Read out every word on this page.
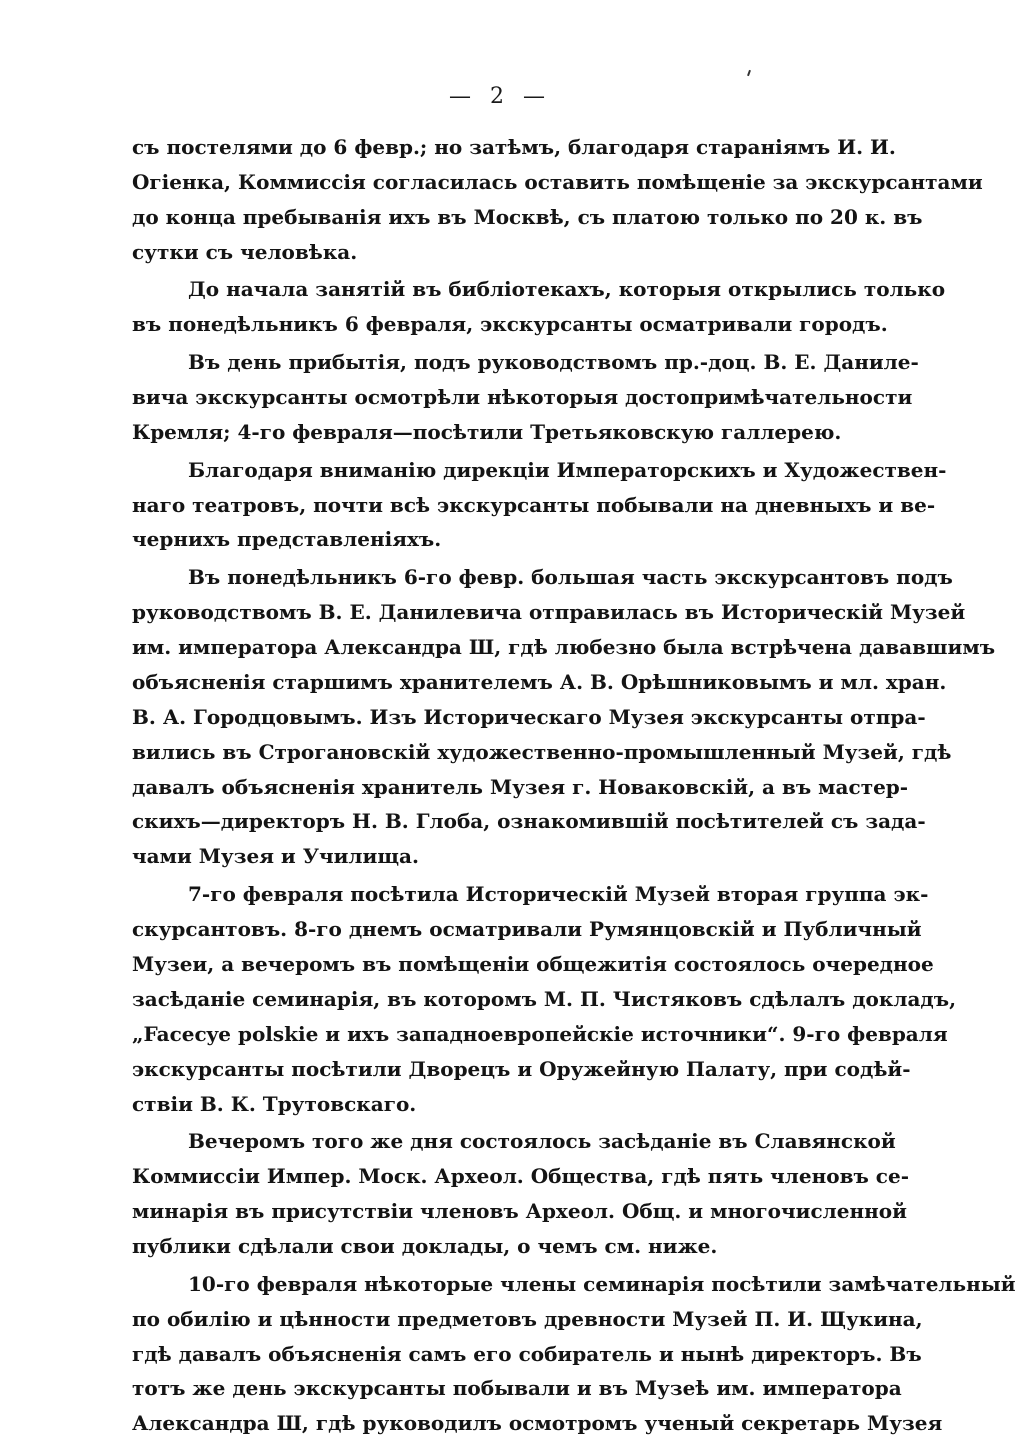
— 2 —
съ постелями до 6 февр.; но затѣмъ, благодаря стараніямъ И. И.
Огіенка, Коммиссія согласилась оставить помѣщеніе за экскурсантами
до конца пребыванія ихъ въ Москвѣ, съ платою только по 20 к. въ
сутки съ человѣка.
До начала занятій въ библіотекахъ, которыя открылись только
въ понедѣльникъ 6 февраля, экскурсанты осматривали городъ.
Въ день прибытія, подъ руководствомъ пр.-доц. В. Е. Даниле-
вича экскурсанты осмотрѣли нѣкоторыя достопримѣчательности
Кремля; 4-го февраля—посѣтили Третьяковскую галлерею.
Благодаря вниманію дирекціи Императорскихъ и Художествен-
наго театровъ, почти всѣ экскурсанты побывали на дневныхъ и ве-
чернихъ представленіяхъ.
Въ понедѣльникъ 6-го февр. большая часть экскурсантовъ подъ
руководствомъ В. Е. Данилевича отправилась въ Историческій Музей
им. императора Александра Ш, гдѣ любезно была встрѣчена дававшимъ
объясненія старшимъ хранителемъ А. В. Орѣшниковымъ и мл. хран.
В. А. Городцовымъ. Изъ Историческаго Музея экскурсанты отпра-
вились въ Строгановскій художественно-промышленный Музей, гдѣ
давалъ объясненія хранитель Музея г. Новаковскій, а въ мастер-
скихъ—директоръ Н. В. Глоба, ознакомившій посѣтителей съ зада-
чами Музея и Училища.
7-го февраля посѣтила Историческій Музей вторая группа эк-
скурсантовъ. 8-го днемъ осматривали Румянцовскій и Публичный
Музеи, а вечеромъ въ помѣщеніи общежитія состоялось очередное
засѣданіе семинарія, въ которомъ М. П. Чистяковъ сдѣлалъ докладъ,
„Facecye polskie и ихъ западноевропейскіе источники“. 9-го февраля
экскурсанты посѣтили Дворецъ и Оружейную Палату, при содѣй-
ствіи В. К. Трутовскаго.
Вечеромъ того же дня состоялось засѣданіе въ Славянской
Коммиссіи Импер. Моск. Археол. Общества, гдѣ пять членовъ се-
минарія въ присутствіи членовъ Археол. Общ. и многочисленной
публики сдѣлали свои доклады, о чемъ см. ниже.
10-го февраля нѣкоторые члены семинарія посѣтили замѣчательный
по обилію и цѣнности предметовъ древности Музей П. И. Щукина,
гдѣ давалъ объясненія самъ его собиратель и нынѣ директоръ. Въ
тотъ же день экскурсанты побывали и въ Музеѣ им. императора
Александра Ш, гдѣ руководилъ осмотромъ ученый секретарь Музея
